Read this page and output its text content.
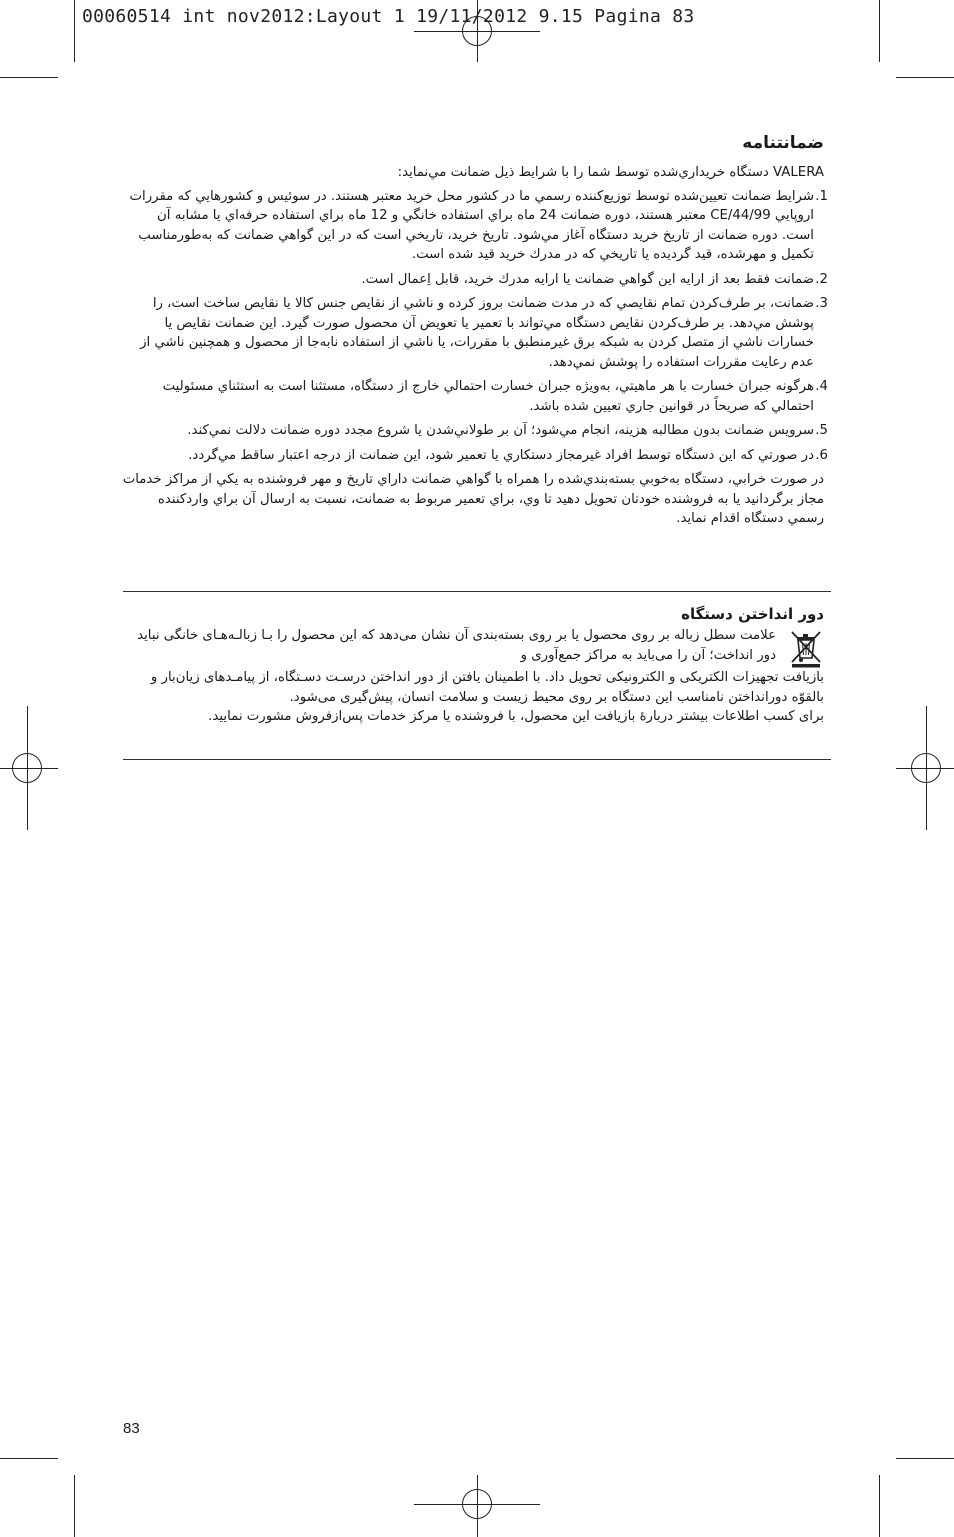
00060514 int nov2012:Layout 1 19/11/2012 9.15 Pagina 83
ضمانتنامه

VALERA دستگاه خريداري‌شده توسط شما را با شرايط ذيل ضمانت مي‌نمايد:

1.
شرايط ضمانت تعيين‌شده توسط توزيع‌كننده رسمي ما در كشور محل خريد معتبر هستند. در سوئيس و كشورهايي كه مقررات اروپايي 44/99/CE معتبر هستند، دوره ضمانت 24 ماه براي استفاده خانگي و 12 ماه براي استفاده حرفه‌اي يا مشابه آن است. دوره ضمانت از تاريخ خريد دستگاه آغاز مي‌شود. تاريخ خريد، تاريخي است كه در اين گواهي ضمانت كه به‌طورمناسب تكميل و مهرشده، قيد گرديده يا تاريخي كه در مدرك خريد قيد شده است.
2.
ضمانت فقط بعد از ارايه اين گواهي ضمانت يا ارايه مدرك خريد، قابل اِعمال است.
3.
ضمانت، بر طرف‌كردن تمام نقايصي كه در مدت ضمانت بروز كرده و ناشي از نقايص جنس كالا يا نقايص ساخت است، را پوشش مي‌دهد. بر طرف‌كردن نقايص دستگاه مي‌تواند با تعمير يا تعويض آن محصول صورت گيرد. اين ضمانت نقايص يا خسارات ناشي از متصل كردن به شبكه برق غيرمنطبق با مقررات، يا ناشي از استفاده نابه‌جا از محصول و همچنين ناشي از عدم رعايت مقررات استفاده را پوشش نمي‌دهد.
4.
هرگونه جبران خسارت با هر ماهيتي، به‌ويژه جبران خسارت احتمالي خارج از دستگاه، مستثنا است به استثناي مسئوليت احتمالي كه صريحاً در قوانين جاري تعيين شده باشد.
5.
سرويس ضمانت بدون مطالبه هزينه، انجام مي‌شود؛ آن بر طولاني‌شدن يا شروع مجدد دوره ضمانت دلالت نمي‌كند.
6.
در صورتي كه اين دستگاه توسط افراد غيرمجاز دستكاري يا تعمير شود، اين ضمانت از درجه اعتبار ساقط مي‌گردد.

در صورت خرابي، دستگاه به‌خوبي بسته‌بندي‌شده را همراه با گواهي ضمانت داراي تاريخ و مهر فروشنده به يكي از مراكز خدمات مجاز برگردانيد يا به فروشنده خودتان تحويل دهيد تا وي، براي تعمير مربوط به ضمانت، نسبت به ارسال آن براي واردكننده رسمي دستگاه اقدام نمايد.

دور انداختن دستگاه

علامت سطل زباله بر روی محصول یا بر روی بسته‌بندی آن نشان می‌دهد که این محصول را بـا زبالـه‌هـای خانگی نباید دور انداخت؛ آن را می‌باید به مراکز جمع‌آوری و

بازیافت تجهیزات الکتریکی و الکترونیکی تحویل داد. با اطمینان یافتن از دور انداختن درسـت دسـتگاه، از پیامـدهای زیان‌بار و بالقوّه دورانداختن نامناسب این دستگاه بر روی محیط زیست و سلامت انسان، پیش‌گیری می‌شود.

برای کسب اطلاعات بیشتر دربارهٔ بازیافت این محصول، با فروشنده یا مرکز خدمات پس‌ازفروش مشورت نمایید.

83
